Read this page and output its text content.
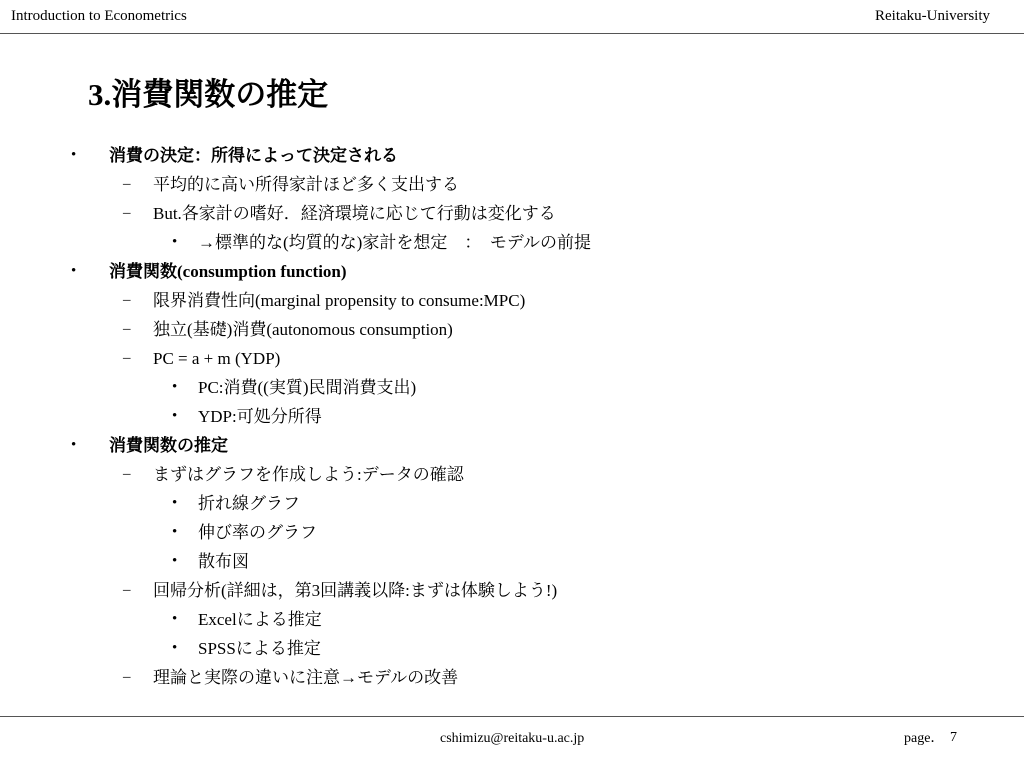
Introduction to Econometrics	Reitaku-University
3.消費関数の推定
• 消費の決定：所得によって決定される
– 平均的に高い所得家計ほど多く支出する
– But.各家計の嗜好．経済環境に応じて行動は変化する
• →標準的な(均質的な)家計を想定　：　モデルの前提
• 消費関数(consumption function)
– 限界消費性向(marginal propensity to consume:MPC)
– 独立(基礎)消費(autonomous consumption)
– PC = a + m (YDP)
• PC:消費((実質)民間消費支出)
• YDP:可処分所得
• 消費関数の推定
– まずはグラフを作成しよう:データの確認
• 折れ線グラフ
• 伸び率のグラフ
• 散布図
– 回帰分析(詳細は，第3回講義以降:まずは体験しよう!)
• Excelによる推定
• SPSSによる推定
– 理論と実際の違いに注意→モデルの改善
cshimizu@reitaku-u.ac.jp	page． 7
